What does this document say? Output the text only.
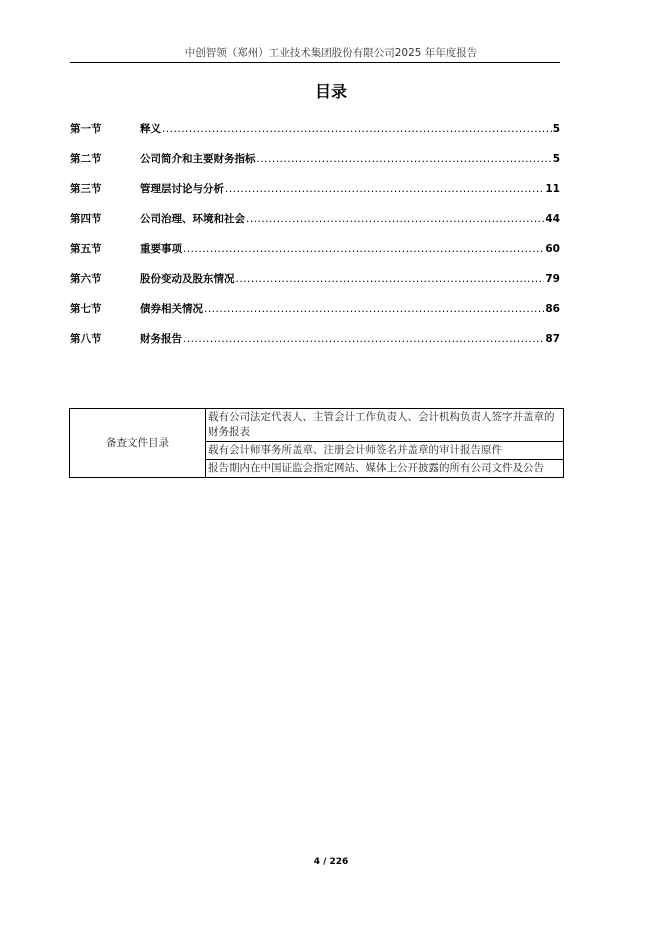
中创智领（郑州）工业技术集团股份有限公司2025 年年度报告
目录
第一节	释义 .....	5
第二节	公司简介和主要财务指标 .....	5
第三节	管理层讨论与分析 .....	11
第四节	公司治理、环境和社会 .....	44
第五节	重要事项 .....	60
第六节	股份变动及股东情况 .....	79
第七节	债券相关情况 .....	86
第八节	财务报告 .....	87
备查文件目录	载有公司法定代表人、主管会计工作负责人、会计机构负责人签字并盖章的财务报表
载有会计师事务所盖章、注册会计师签名并盖章的审计报告原件
报告期内在中国证监会指定网站、媒体上公开披露的所有公司文件及公告
4 / 226
